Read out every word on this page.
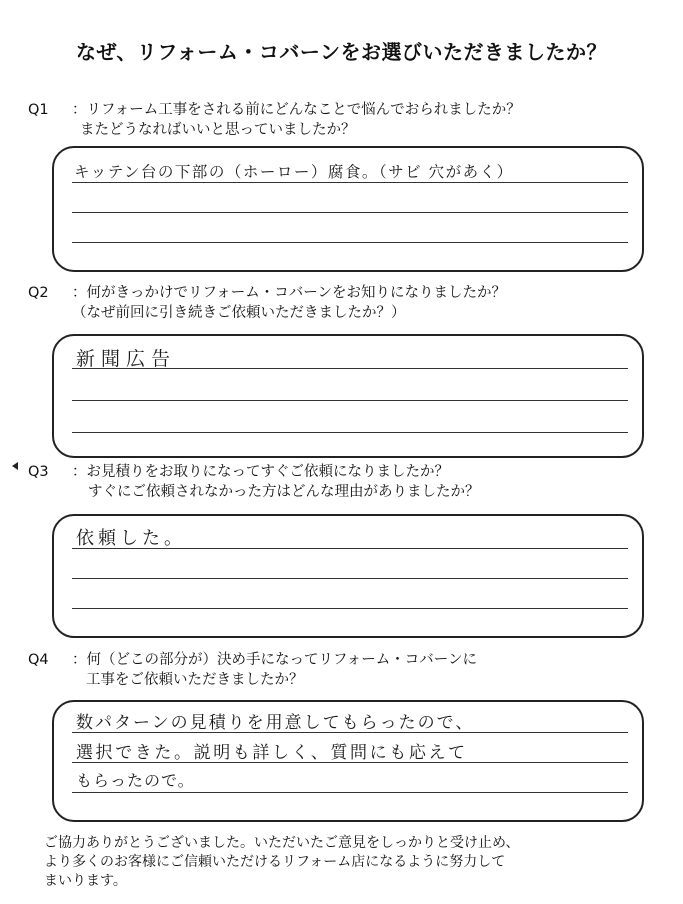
なぜ、リフォーム・コバーンをお選びいただきましたか？
Q1 ：リフォーム工事をされる前にどんなことで悩んでおられましたか？
またどうなればいいと思っていましたか？
キッテン台の下部の（ホーロー）腐食。（サビ 穴があく）
Q2 ：何がきっかけでリフォーム・コバーンをお知りになりましたか？
（なぜ前回に引き続きご依頼いただきましたか？）
新聞広告
Q3 ：お見積りをお取りになってすぐご依頼になりましたか？
すぐにご依頼されなかった方はどんな理由がありましたか？
依頼した。
Q4 ：何（どこの部分が）決め手になってリフォーム・コバーンに
工事をご依頼いただきましたか？
数パターンの見積りを用意してもらったので、
選択できた。説明も詳しく、質問にも応えて
もらったので。
ご協力ありがとうございました。いただいたご意見をしっかりと受け止め、
より多くのお客様にご信頼いただけるリフォーム店になるように努力して
まいります。
